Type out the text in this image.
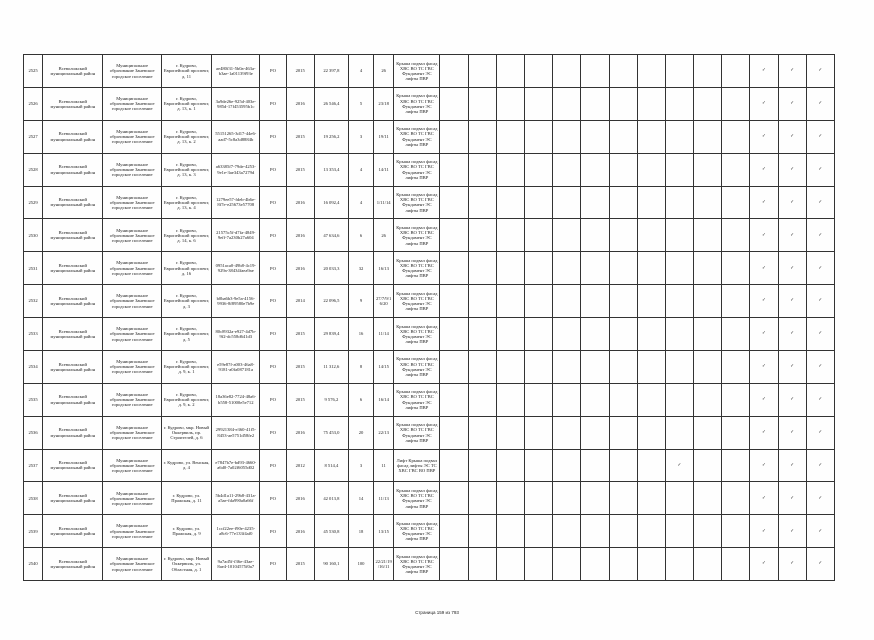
2525	Всеволожский муниципальный район	Муниципальное образование Заневское городское поселение	г. Кудрово, Европейский проспект, д. 11	ae480f31-5b0a-463a-b3ae-1a01139f93e	РО	2015	22 397,8	4	26	Крыша подвал фасад ХВС ВО ТС ГВС Фундамент ЭС лифты ПВР												✓	✓	✓
2526	Всеволожский муниципальный район	Муниципальное образование Заневское городское поселение	г. Кудрово, Европейский проспект, д. 13, к. 1	3a9de26e-925d-403e-985d-17f453595b1c	РО	2016	26 546,4	5	23/18	Крыша подвал фасад ХВС ВО ТС ГВС Фундамент ЭС лифты ПВР												✓	✓	✓
2527	Всеволожский муниципальный район	Муниципальное образование Заневское городское поселение	г. Кудрово, Европейский проспект, д. 13, к. 2	55151265-3d17-44e6-aad7-5c8a3d8884b	РО	2015	19 256,2	3	19/11	Крыша подвал фасад ХВС ВО ТС ГВС Фундамент ЭС лифты ПВР												✓	✓	✓
2528	Всеволожский муниципальный район	Муниципальное образование Заневское городское поселение	г. Кудрово, Европейский проспект, д. 13, к. 3	a63385f7-79de-4253-9e1e-3ae343a7279d	РО	2015	13 353,4	4	14/11	Крыша подвал фасад ХВС ВО ТС ГВС Фундамент ЭС лифты ПВР												✓	✓	✓
2529	Всеволожский муниципальный район	Муниципальное образование Заневское городское поселение	г. Кудрово, Европейский проспект, д. 13, к. 4	1279ee57-fdeb-4b6e-8f7e-e25673e57708	РО	2016	16 092,4	4	1/11/14	Крыша подвал фасад ХВС ВО ТС ГВС Фундамент ЭС лифты ПВР												✓	✓	✓
2530	Всеволожский муниципальный район	Муниципальное образование Заневское городское поселение	г. Кудрово, Европейский проспект, д. 14, к. 6	21575c5f-d7fa-4849-9eff-7a230b27a604	РО	2016	47 634,6	6	26	Крыша подвал фасад ХВС ВО ТС ГВС Фундамент ЭС лифты ПВР												✓	✓	✓
2531	Всеволожский муниципальный район	Муниципальное образование Заневское городское поселение	г. Кудрово, Европейский проспект, д. 16	0951aca0-49b8-4c19-929a-38434faea9ae	РО	2016	20 033,3	32	16/13	Крыша подвал фасад ХВС ВО ТС ГВС Фундамент ЭС лифты ПВР												✓	✓	✓
2532	Всеволожский муниципальный район	Муниципальное образование Заневское городское поселение	г. Кудрово, Европейский проспект, д. 3	b0ba6b3-9e5a-4156-9936-8f89580e7b9e	РО	2014	22 096,5	9	27/7/9/16/20	Крыша подвал фасад ХВС ВО ТС ГВС Фундамент ЭС лифты ПВР												✓	✓	✓
2533	Всеволожский муниципальный район	Муниципальное образование Заневское городское поселение	г. Кудрово, Европейский проспект, д. 5	80c8932a-e927-4d7b-9f2-dc558d641d3	РО	2015	29 839,4	16	11/14	Крыша подвал фасад ХВС ВО ТС ГВС Фундамент ЭС лифты ПВР												✓	✓	✓
2534	Всеволожский муниципальный район	Муниципальное образование Заневское городское поселение	г. Кудрово, Европейский проспект, д. 9, к. 1	e59e87f-a003-46a8-9181-a0fa087181a	РО	2015	11 312,6	8	14/15	Крыша подвал фасад ХВС ВО ТС ГВС Фундамент ЭС лифты ПВР												✓	✓	✓
2535	Всеволожский муниципальный район	Муниципальное образование Заневское городское поселение	г. Кудрово, Европейский проспект, д. 9, к. 2	18a36e82-7724-48a6-b558-51000e5e712	РО	2015	9 576,2	6	16/14	Крыша подвал фасад ХВС ВО ТС ГВС Фундамент ЭС лифты ПВР												✓	✓	✓
2536	Всеволожский муниципальный район	Муниципальное образование Заневское городское поселение	г. Кудрово, мкр. Новый Оккервиль, пр. Строителей, д. 6	29921384-e360-41f5-8453-ae5751d58fe2	РО	2016	75 453,0	20	22/13	Крыша подвал фасад ХВС ВО ТС ГВС Фундамент ЭС лифты ПВР												✓	✓	✓
2537	Всеволожский муниципальный район	Муниципальное образование Заневское городское поселение	г. Кудрово, ул. Венская, д. 4	e7847b7e-bd93-4660-a6d0-7a02f6055d02	РО	2012	8 514,4	3	11	Лифт Крыша подвал фасад лифты ЭС ТС ХВС ГВС ВО ПВР									✓			✓	✓	✓
2538	Всеволожский муниципальный район	Муниципальное образование Заневское городское поселение	г. Кудрово, ул. Пражская, д. 11	5b4d1a11-29b8-431a-a5ae-fda990a0a66f	РО	2016	42 013,8	14	11/13	Крыша подвал фасад ХВС ВО ТС ГВС Фундамент ЭС лифты ПВР												✓	✓	✓
2539	Всеволожский муниципальный район	Муниципальное образование Заневское городское поселение	г. Кудрово, ул. Пражская, д. 9	1ccf22ee-f90e-4235-a8c6-77e133f4af0	РО	2016	45 530,8	18	13/15	Крыша подвал фасад ХВС ВО ТС ГВС Фундамент ЭС лифты ПВР												✓	✓	✓
2540	Всеволожский муниципальный район	Муниципальное образование Заневское городское поселение	г. Кудрово, мкр. Новый Оккервиль, ул. Областная, д. 1	9a7ad5f-f36e-43ae-8ae4-10104575f0a7	РО	2015	90 160,1	100	22/21/19/16/11	Крыша подвал фасад ХВС ВО ТС ГВС Фундамент ЭС лифты ПВР												✓	✓	✓
Страница 159 из 793
